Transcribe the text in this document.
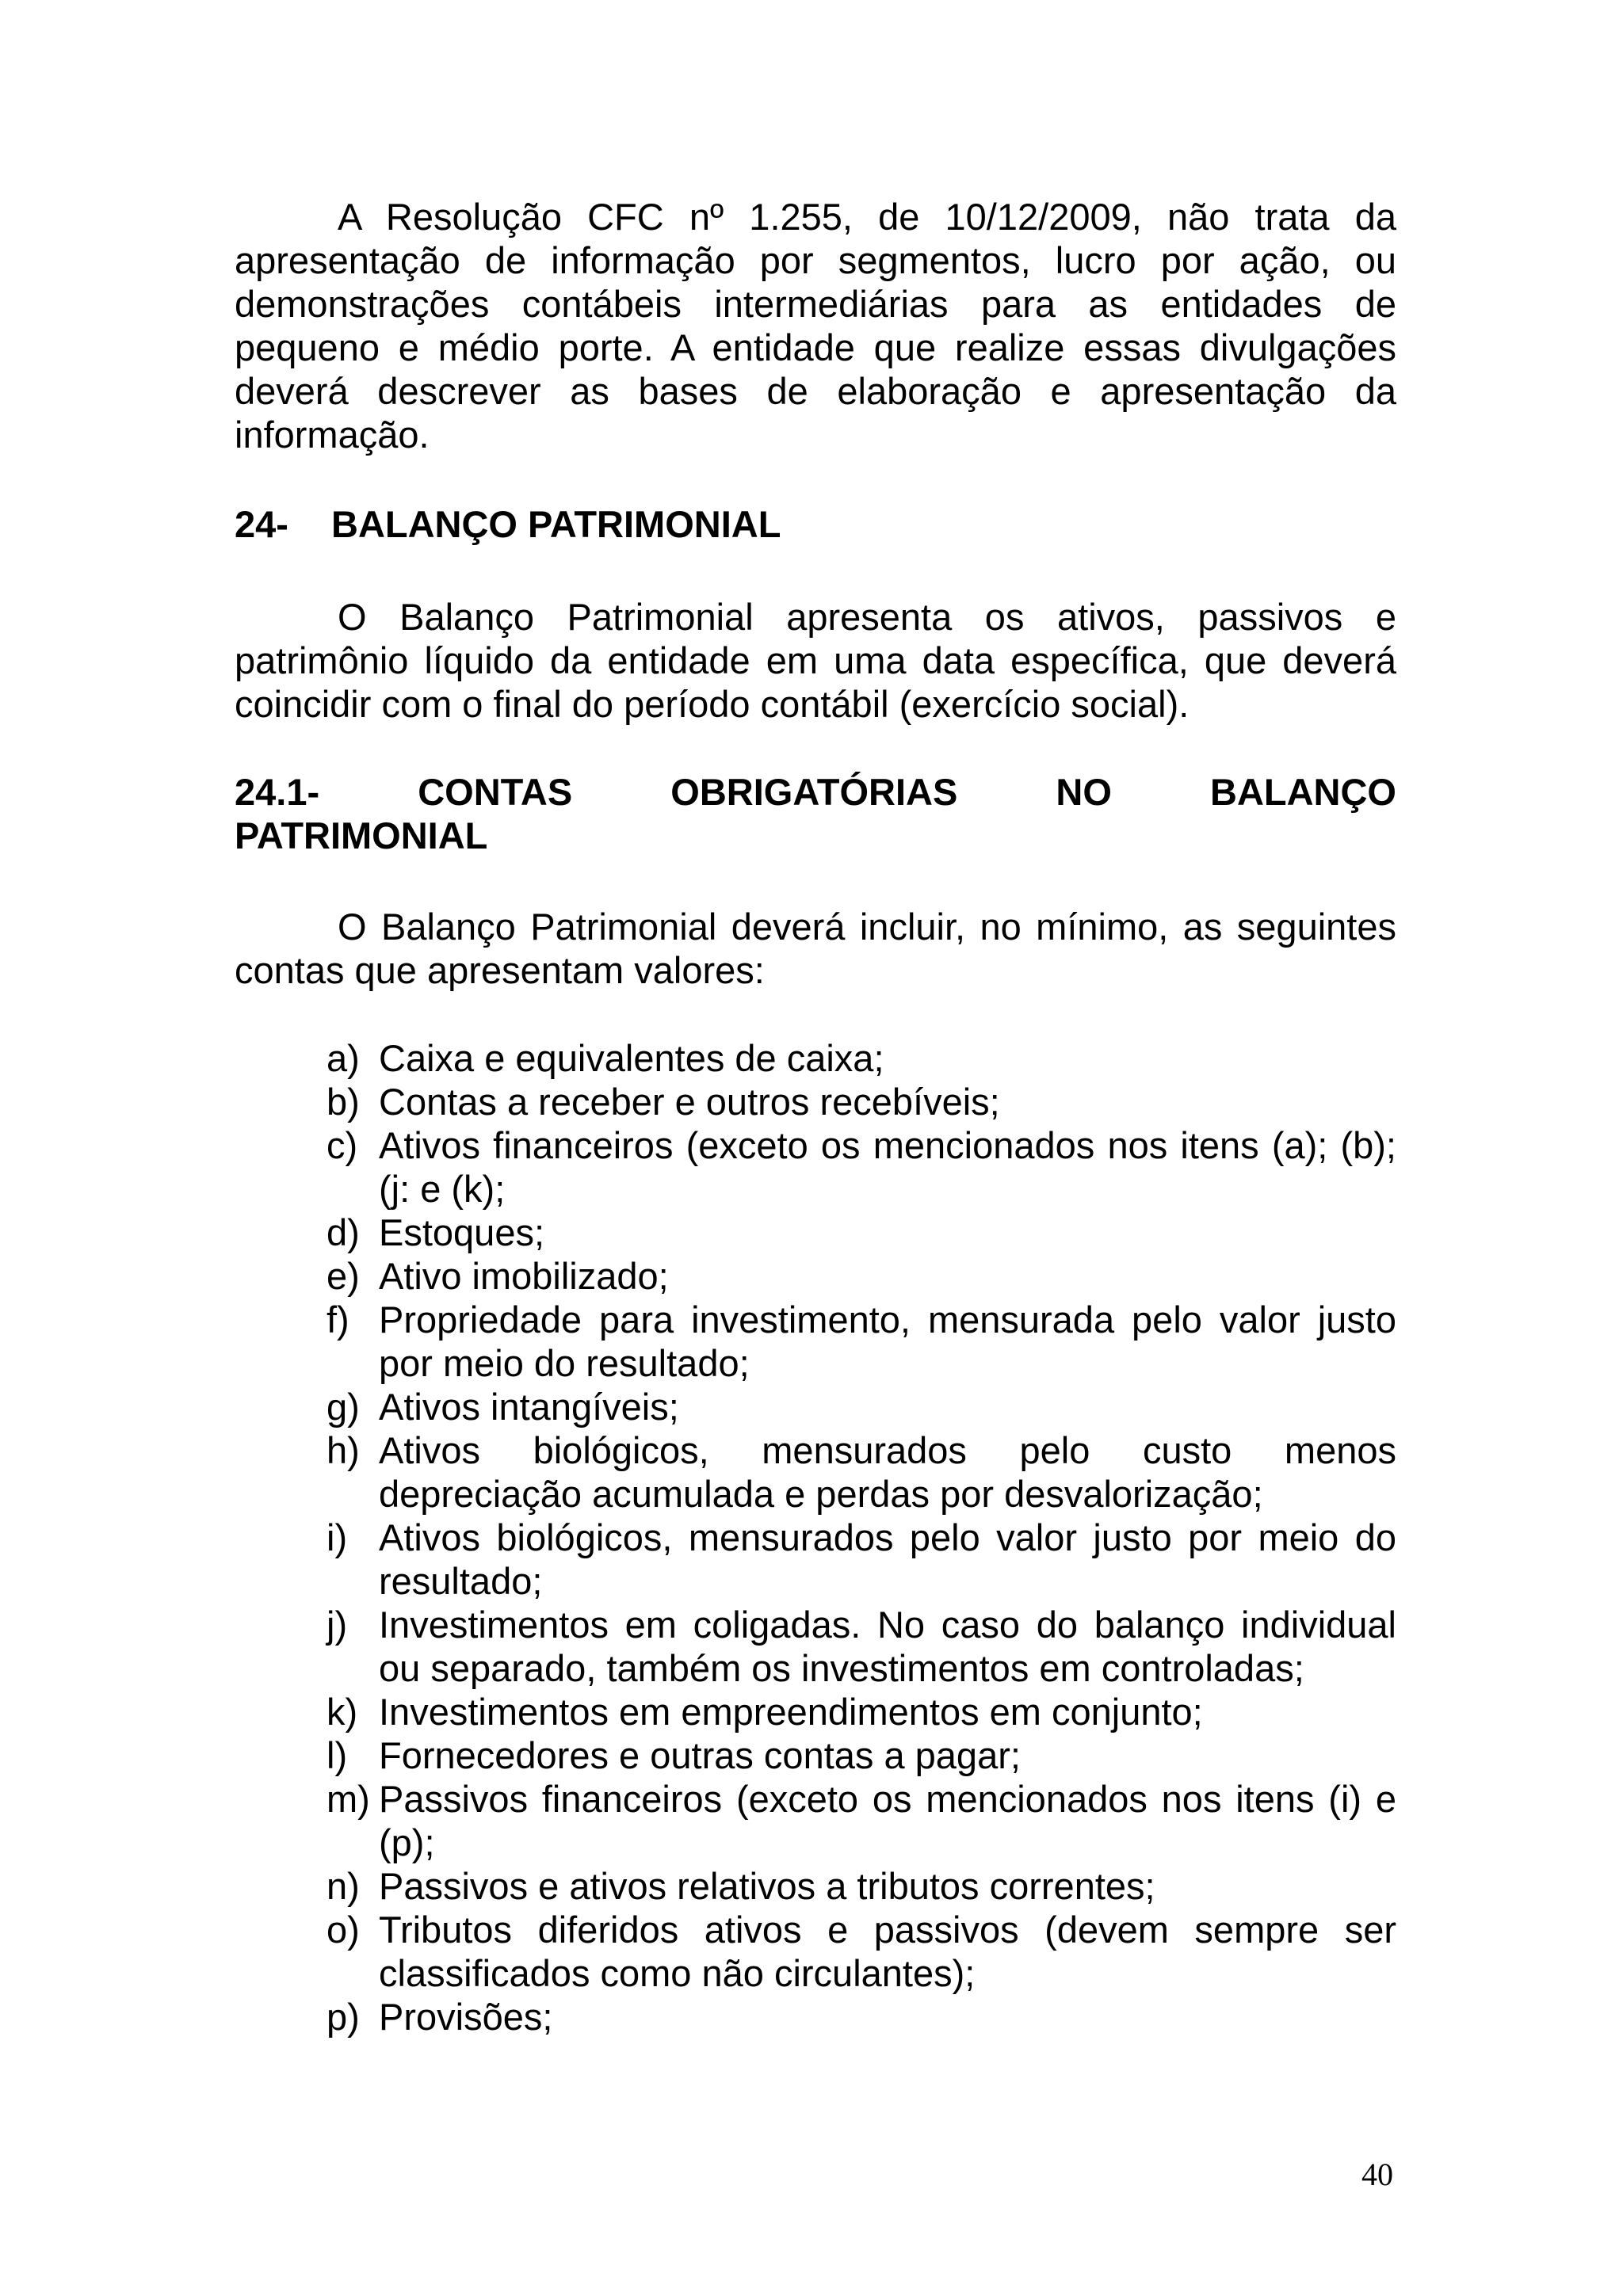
A Resolução CFC nº 1.255, de 10/12/2009, não trata da apresentação de informação por segmentos, lucro por ação, ou demonstrações contábeis intermediárias para as entidades de pequeno e médio porte. A entidade que realize essas divulgações deverá descrever as bases de elaboração e apresentação da informação.

24- BALANÇO PATRIMONIAL

O Balanço Patrimonial apresenta os ativos, passivos e patrimônio líquido da entidade em uma data específica, que deverá coincidir com o final do período contábil (exercício social).

24.1-	CONTAS	OBRIGATÓRIAS	NO	BALANÇO
PATRIMONIAL

O Balanço Patrimonial deverá incluir, no mínimo, as seguintes contas que apresentam valores:

a) Caixa e equivalentes de caixa;
b) Contas a receber e outros recebíveis;
c) Ativos financeiros (exceto os mencionados nos itens (a); (b);(j: e (k);
d) Estoques;
e) Ativo imobilizado;
f) Propriedade para investimento, mensurada pelo valor justo por meio do resultado;
g) Ativos intangíveis;
h) Ativos biológicos, mensurados pelo custo menos depreciação acumulada e perdas por desvalorização;
i) Ativos biológicos, mensurados pelo valor justo por meio do resultado;
j) Investimentos em coligadas. No caso do balanço individual ou separado, também os investimentos em controladas;
k) Investimentos em empreendimentos em conjunto;
l) Fornecedores e outras contas a pagar;
m) Passivos financeiros (exceto os mencionados nos itens (i) e (p);
n) Passivos e ativos relativos a tributos correntes;
o) Tributos diferidos ativos e passivos (devem sempre ser classificados como não circulantes);
p) Provisões;
40
